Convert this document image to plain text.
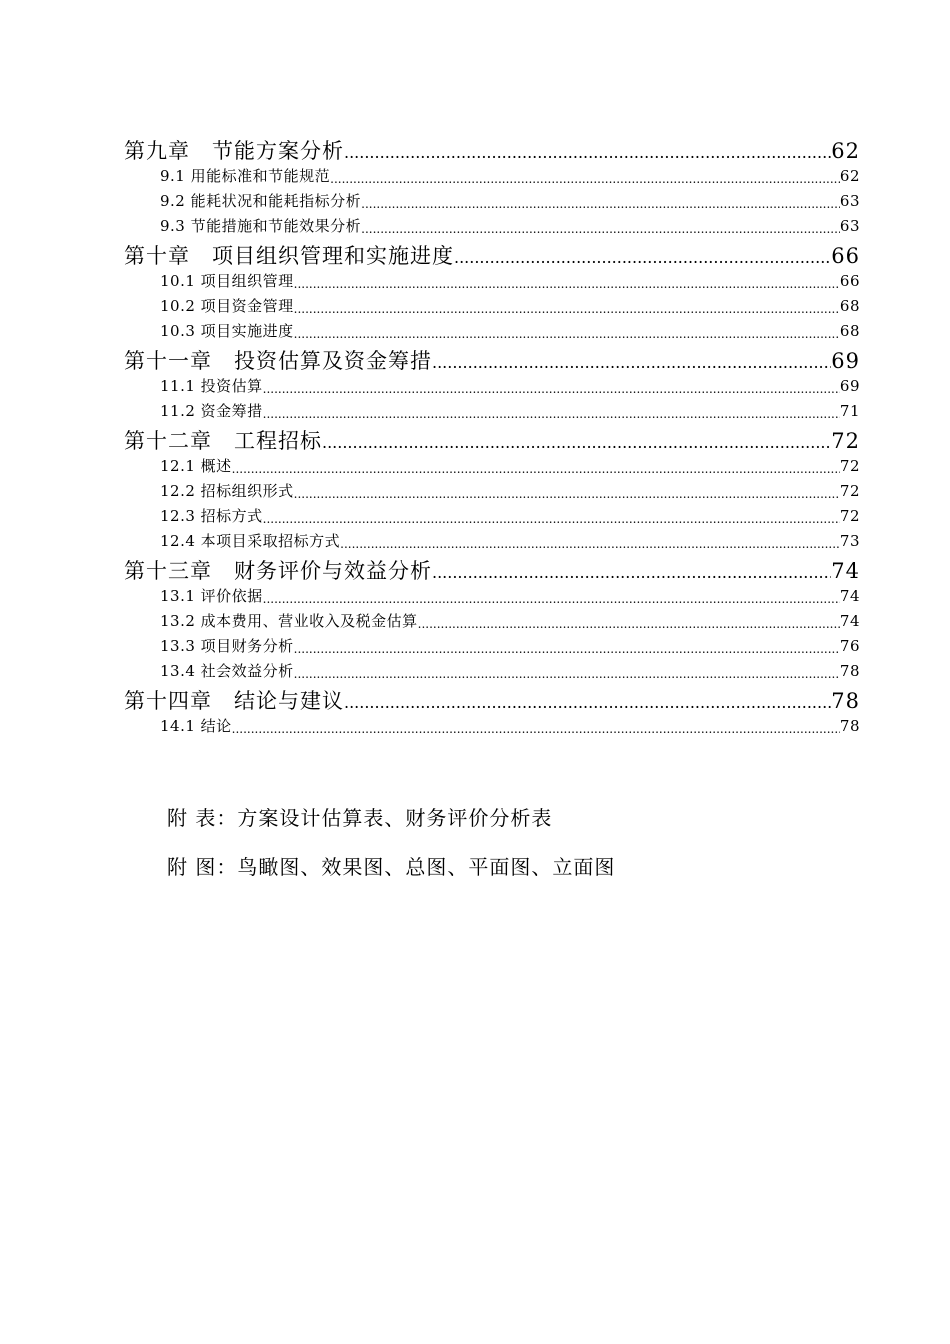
第九章　节能方案分析 .....	62
9.1 用能标准和节能规范 .....	62
9.2 能耗状况和能耗指标分析 .....	63
9.3 节能措施和节能效果分析 .....	63
第十章　项目组织管理和实施进度 .....	66
10.1 项目组织管理 .....	66
10.2 项目资金管理 .....	68
10.3 项目实施进度 .....	68
第十一章　投资估算及资金筹措 .....	69
11.1 投资估算 .....	69
11.2 资金筹措 .....	71
第十二章　工程招标 .....	72
12.1 概述 .....	72
12.2 招标组织形式 .....	72
12.3 招标方式 .....	72
12.4 本项目采取招标方式 .....	73
第十三章　财务评价与效益分析 .....	74
13.1 评价依据 .....	74
13.2 成本费用、营业收入及税金估算 .....	74
13.3 项目财务分析 .....	76
13.4 社会效益分析 .....	78
第十四章　结论与建议 .....	78
14.1 结论 .....	78
附 表：方案设计估算表、财务评价分析表
附 图：鸟瞰图、效果图、总图、平面图、立面图
